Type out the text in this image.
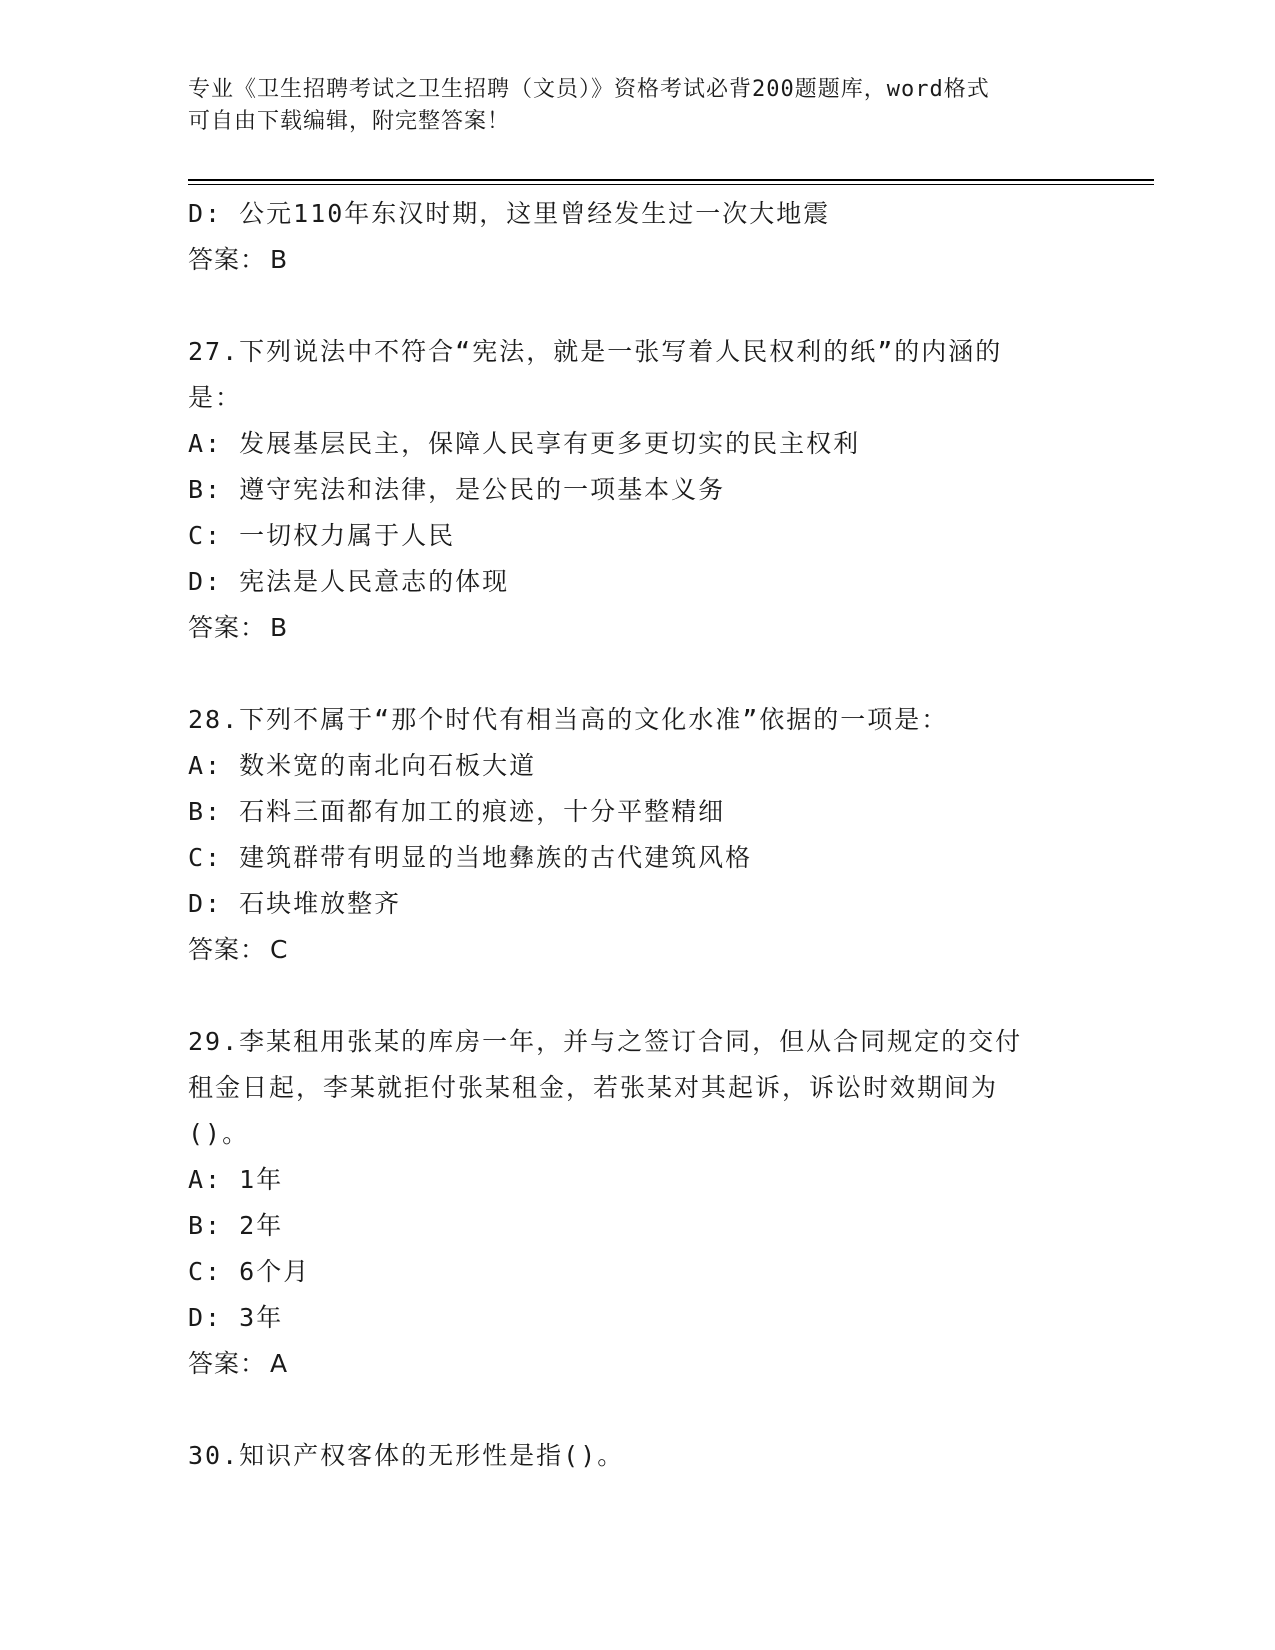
专业《卫生招聘考试之卫生招聘（文员）》资格考试必背200题题库，word格式
可自由下载编辑，附完整答案！
D: 公元110年东汉时期，这里曾经发生过一次大地震
答案： B
27.下列说法中不符合“宪法，就是一张写着人民权利的纸”的内涵的
是：
A: 发展基层民主，保障人民享有更多更切实的民主权利
B: 遵守宪法和法律，是公民的一项基本义务
C: 一切权力属于人民
D: 宪法是人民意志的体现
答案： B
28.下列不属于“那个时代有相当高的文化水准”依据的一项是：
A: 数米宽的南北向石板大道
B: 石料三面都有加工的痕迹，十分平整精细
C: 建筑群带有明显的当地彝族的古代建筑风格
D: 石块堆放整齐
答案： C
29.李某租用张某的库房一年，并与之签订合同，但从合同规定的交付
租金日起，李某就拒付张某租金，若张某对其起诉，诉讼时效期间为
()。
A: 1年
B: 2年
C: 6个月
D: 3年
答案： A
30.知识产权客体的无形性是指()。
